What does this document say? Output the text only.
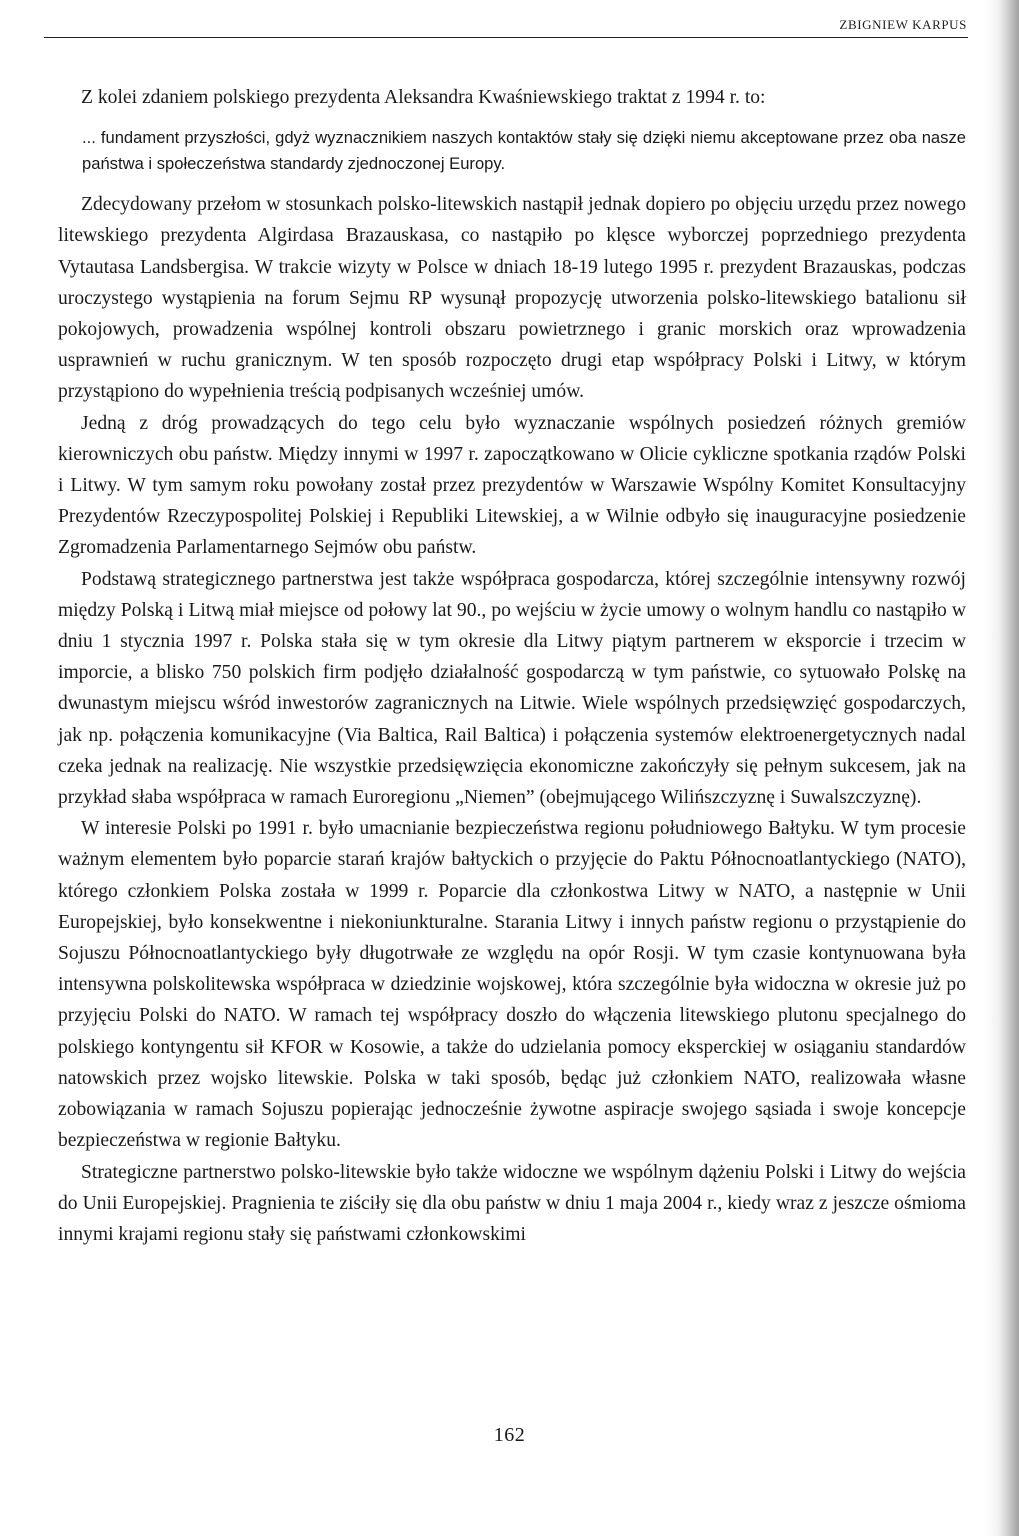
ZBIGNIEW KARPUS

Z kolei zdaniem polskiego prezydenta Aleksandra Kwaśniewskiego traktat z 1994 r. to:

... fundament przyszłości, gdyż wyznacznikiem naszych kontaktów stały się dzięki niemu akceptowane przez oba nasze państwa i społeczeństwa standardy zjednoczonej Europy.

Zdecydowany przełom w stosunkach polsko-litewskich nastąpił jednak dopiero po objęciu urzędu przez nowego litewskiego prezydenta Algirdasa Brazauskasa, co nastąpiło po klęsce wyborczej poprzedniego prezydenta Vytautasa Landsbergisa. W trakcie wizyty w Polsce w dniach 18-19 lutego 1995 r. prezydent Brazauskas, podczas uroczystego wystąpienia na forum Sejmu RP wysunął propozycję utworzenia polsko-litewskiego batalionu sił pokojowych, prowadzenia wspólnej kontroli obszaru powietrznego i granic morskich oraz wprowadzenia usprawnień w ruchu granicznym. W ten sposób rozpoczęto drugi etap współpracy Polski i Litwy, w którym przystąpiono do wypełnienia treścią podpisanych wcześniej umów.

Jedną z dróg prowadzących do tego celu było wyznaczanie wspólnych posiedzeń różnych gremiów kierowniczych obu państw. Między innymi w 1997 r. zapoczątkowano w Olicie cykliczne spotkania rządów Polski i Litwy. W tym samym roku powołany został przez prezydentów w Warszawie Wspólny Komitet Konsultacyjny Prezydentów Rzeczypospolitej Polskiej i Republiki Litewskiej, a w Wilnie odbyło się inauguracyjne posiedzenie Zgromadzenia Parlamentarnego Sejmów obu państw.

Podstawą strategicznego partnerstwa jest także współpraca gospodarcza, której szczególnie intensywny rozwój między Polską i Litwą miał miejsce od połowy lat 90., po wejściu w życie umowy o wolnym handlu co nastąpiło w dniu 1 stycznia 1997 r. Polska stała się w tym okresie dla Litwy piątym partnerem w eksporcie i trzecim w imporcie, a blisko 750 polskich firm podjęło działalność gospodarczą w tym państwie, co sytuowało Polskę na dwunastym miejscu wśród inwestorów zagranicznych na Litwie. Wiele wspólnych przedsięwzięć gospodarczych, jak np. połączenia komunikacyjne (Via Baltica, Rail Baltica) i połączenia systemów elektroenergetycznych nadal czeka jednak na realizację. Nie wszystkie przedsięwzięcia ekonomiczne zakończyły się pełnym sukcesem, jak na przykład słaba współpraca w ramach Euroregionu „Niemen” (obejmującego Wilińszczyznę i Suwalszczyznę).

W interesie Polski po 1991 r. było umacnianie bezpieczeństwa regionu południowego Bałtyku. W tym procesie ważnym elementem było poparcie starań krajów bałtyckich o przyjęcie do Paktu Północnoatlantyckiego (NATO), którego członkiem Polska została w 1999 r. Poparcie dla członkostwa Litwy w NATO, a następnie w Unii Europejskiej, było konsekwentne i niekoniunkturalne. Starania Litwy i innych państw regionu o przystąpienie do Sojuszu Północnoatlantyckiego były długotrwałe ze względu na opór Rosji. W tym czasie kontynuowana była intensywna polskolitewska współpraca w dziedzinie wojskowej, która szczególnie była widoczna w okresie już po przyjęciu Polski do NATO. W ramach tej współpracy doszło do włączenia litewskiego plutonu specjalnego do polskiego kontyngentu sił KFOR w Kosowie, a także do udzielania pomocy eksperckiej w osiąganiu standardów natowskich przez wojsko litewskie. Polska w taki sposób, będąc już członkiem NATO, realizowała własne zobowiązania w ramach Sojuszu popierając jednocześnie żywotne aspiracje swojego sąsiada i swoje koncepcje bezpieczeństwa w regionie Bałtyku.

Strategiczne partnerstwo polsko-litewskie było także widoczne we wspólnym dążeniu Polski i Litwy do wejścia do Unii Europejskiej. Pragnienia te ziściły się dla obu państw w dniu 1 maja 2004 r., kiedy wraz z jeszcze ośmioma innymi krajami regionu stały się państwami członkowskimi

162
